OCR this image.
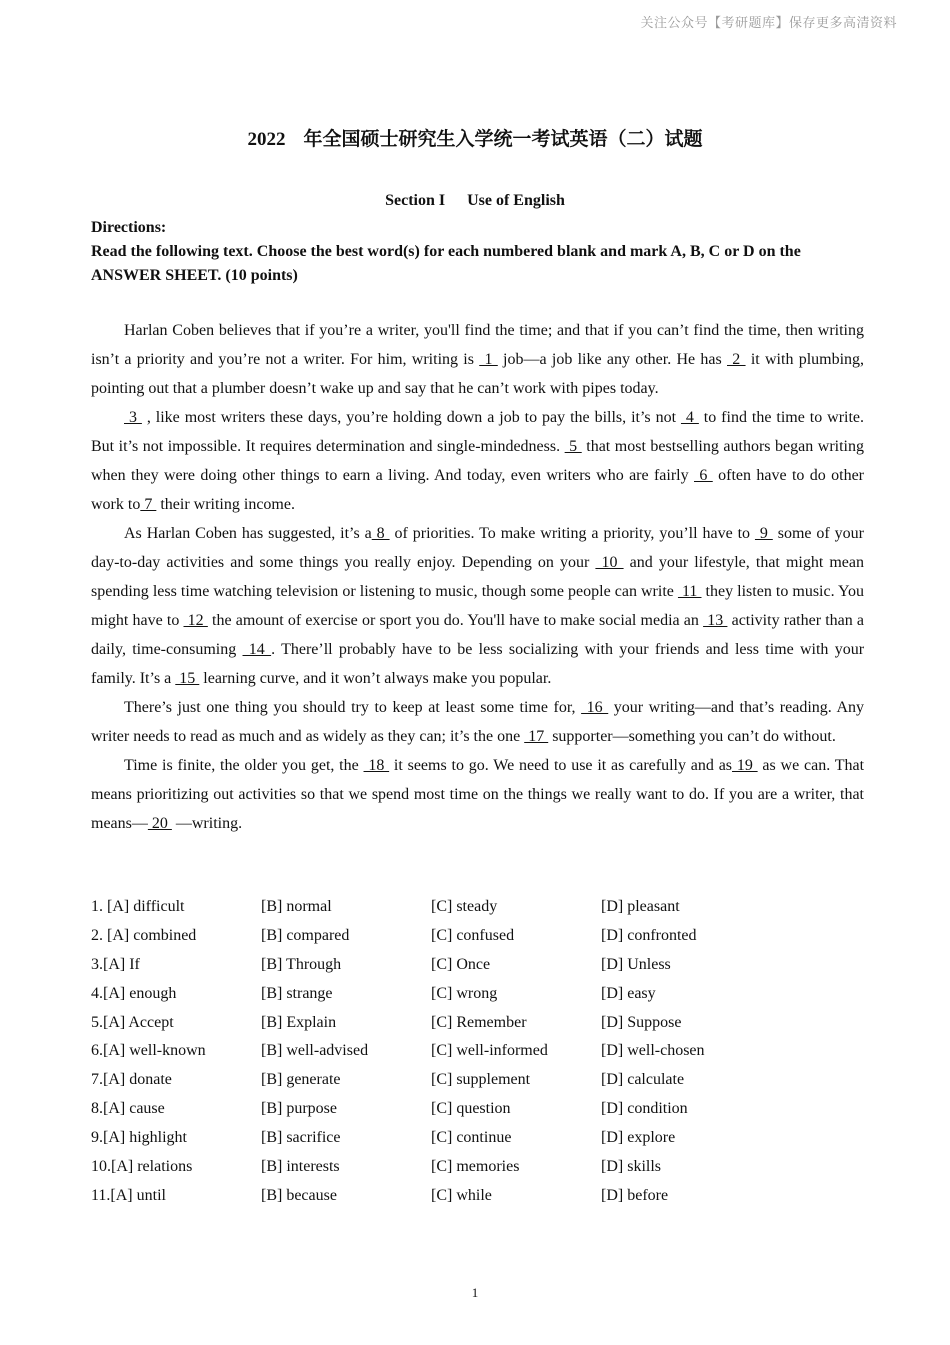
关注公众号【考研题库】保存更多高清资料
2022 年全国硕士研究生入学统一考试英语（二）试题
Section I Use of English
Directions:
Read the following text. Choose the best word(s) for each numbered blank and mark A, B, C or D on the ANSWER SHEET. (10 points)

Harlan Coben believes that if you’re a writer, you'll find the time; and that if you can’t find the time, then writing isn’t a priority and you’re not a writer. For him, writing is  1  job—a job like any other. He has  2  it with plumbing, pointing out that a plumber doesn’t wake up and say that he can’t work with pipes today.

3  , like most writers these days, you’re holding down a job to pay the bills, it’s not  4  to find the time to write. But it’s not impossible. It requires determination and single-mindedness.  5  that most bestselling authors began writing when they were doing other things to earn a living. And today, even writers who are fairly  6  often have to do other work to 7  their writing income.

As Harlan Coben has suggested, it’s a 8  of priorities. To make writing a priority, you’ll have to  9  some of your day-to-day activities and some things you really enjoy. Depending on your  10  and your lifestyle, that might mean spending less time watching television or listening to music, though some people can write  11  they listen to music. You might have to  12  the amount of exercise or sport you do. You'll have to make social media an  13  activity rather than a daily, time-consuming  14 . There’ll probably have to be less socializing with your friends and less time with your family. It’s a  15  learning curve, and it won’t always make you popular.

There’s just one thing you should try to keep at least some time for,  16  your writing—and that’s reading. Any writer needs to read as much and as widely as they can; it’s the one  17  supporter—something you can’t do without.

Time is finite, the older you get, the  18  it seems to go. We need to use it as carefully and as 19  as we can. That means prioritizing out activities so that we spend most time on the things we really want to do. If you are a writer, that means— 20  —writing.

1. [A] difficult	[B] normal	[C] steady	[D] pleasant
2. [A] combined	[B] compared	[C] confused	[D] confronted
3.[A] If	[B] Through	[C] Once	[D] Unless
4.[A] enough	[B] strange	[C] wrong	[D] easy
5.[A] Accept	[B] Explain	[C] Remember	[D] Suppose
6.[A] well-known	[B] well-advised	[C] well-informed	[D] well-chosen
7.[A] donate	[B] generate	[C] supplement	[D] calculate
8.[A] cause	[B] purpose	[C] question	[D] condition
9.[A] highlight	[B] sacrifice	[C] continue	[D] explore
10.[A] relations	[B] interests	[C] memories	[D] skills
11.[A] until	[B] because	[C] while	[D] before
1
